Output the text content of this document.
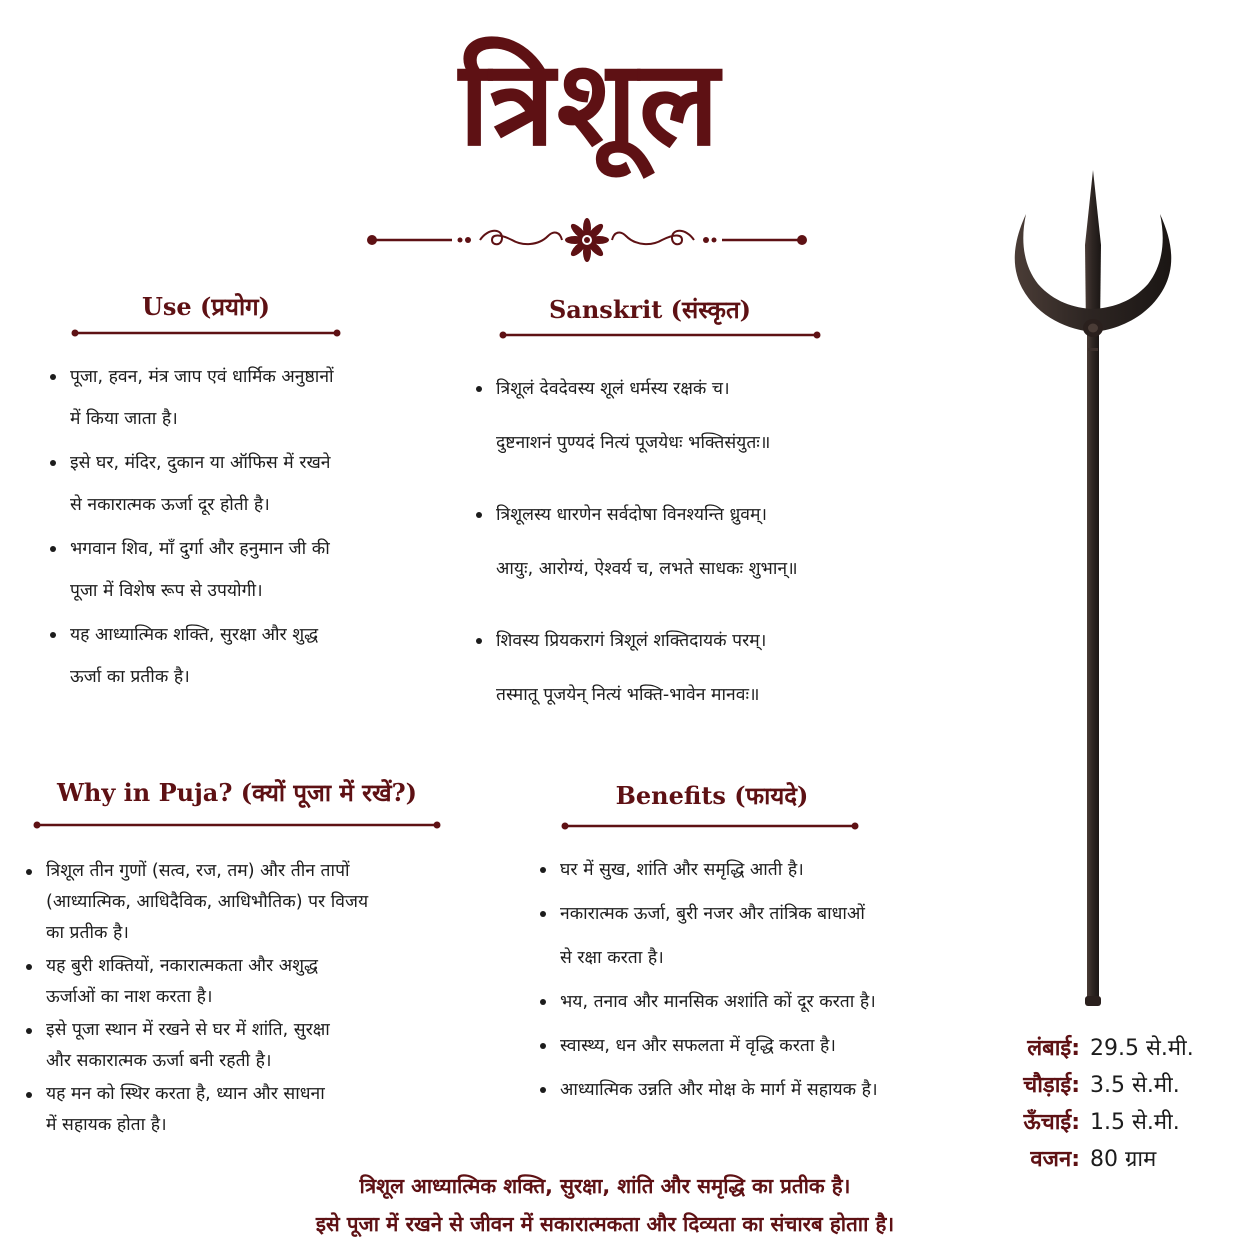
त्रिशूल
Use (प्रयोग)
पूजा, हवन, मंत्र जाप एवं धार्मिक अनुष्ठानों
में किया जाता है।
इसे घर, मंदिर, दुकान या ऑफिस में रखने
से नकारात्मक ऊर्जा दूर होती है।
भगवान शिव, माँ दुर्गा और हनुमान जी की
पूजा में विशेष रूप से उपयोगी।
यह आध्यात्मिक शक्ति, सुरक्षा और शुद्ध
ऊर्जा का प्रतीक है।
Sanskrit (संस्कृत)
त्रिशूलं देवदेवस्य शूलं धर्मस्य रक्षकं च।
दुष्टनाशनं पुण्यदं नित्यं पूजयेधः भक्तिसंयुतः॥
त्रिशूलस्य धारणेन सर्वदोषा विनश्यन्ति ध्रुवम्।
आयुः, आरोग्यं, ऐश्वर्य च, लभते साधकः शुभान्॥
शिवस्य प्रियकरागं त्रिशूलं शक्तिदायकं परम्।
तस्मातू पूजयेन् नित्यं भक्ति-भावेन मानवः॥
Why in Puja? (क्यों पूजा में रखें?)
त्रिशूल तीन गुणों (सत्व, रज, तम) और तीन तापों
(आध्यात्मिक, आधिदैविक, आधिभौतिक) पर विजय
का प्रतीक है।
यह बुरी शक्तियों, नकारात्मकता और अशुद्ध
ऊर्जाओं का नाश करता है।
इसे पूजा स्थान में रखने से घर में शांति, सुरक्षा
और सकारात्मक ऊर्जा बनी रहती है।
यह मन को स्थिर करता है, ध्यान और साधना
में सहायक होता है।
Benefits (फायदे)
घर में सुख, शांति और समृद्धि आती है।
नकारात्मक ऊर्जा, बुरी नजर और तांत्रिक बाधाओं
से रक्षा करता है।
भय, तनाव और मानसिक अशांति कों दूर करता है।
स्वास्थ्य, धन और सफलता में वृद्धि करता है।
आध्यात्मिक उन्नति और मोक्ष के मार्ग में सहायक है।
लंबाई: 29.5 से.मी.
चौड़ाई: 3.5 से.मी.
ऊँचाई: 1.5 से.मी.
वजन: 80 ग्राम
त्रिशूल आध्यात्मिक शक्ति, सुरक्षा, शांति और समृद्धि का प्रतीक है।
इसे पूजा में रखने से जीवन में सकारात्मकता और दिव्यता का संचारब होताा है।
